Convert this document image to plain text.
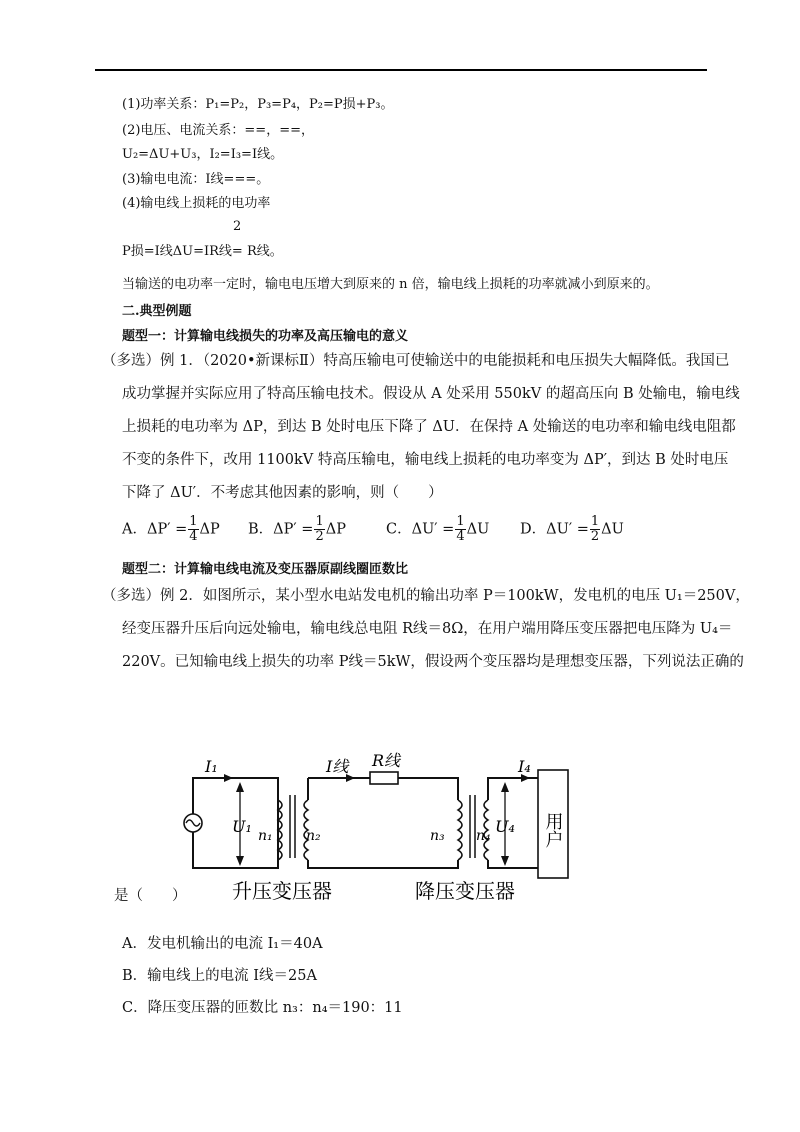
(1)功率关系：P₁=P₂，P₃=P₄，P₂=P损+P₃。
(2)电压、电流关系：==，==，
U₂=ΔU+U₃，I₂=I₃=I线。
(3)输电电流：I线===。
(4)输电线上损耗的电功率
2
P损=I线ΔU=IR线= R线。
当输送的电功率一定时，输电电压增大到原来的 n 倍，输电线上损耗的功率就减小到原来的。
二.典型例题
题型一：计算输电线损失的功率及高压输电的意义
（多选）例 1．（2020•新课标Ⅱ）特高压输电可使输送中的电能损耗和电压损失大幅降低。我国已
成功掌握并实际应用了特高压输电技术。假设从 A 处采用 550kV 的超高压向 B 处输电，输电线
上损耗的电功率为 ΔP，到达 B 处时电压下降了 ΔU．在保持 A 处输送的电功率和输电线电阻都
不变的条件下，改用 1100kV 特高压输电，输电线上损耗的电功率变为 ΔP′，到达 B 处时电压
下降了 ΔU′．不考虑其他因素的影响，则（　　）
A．$\Delta P' = \frac{1}{4}$ ΔP B．$\Delta P' = \frac{1}{2}$ ΔP	C．$\Delta U' = \frac{1}{4}$ ΔU D．$\Delta U' = \frac{1}{2}$ ΔU
题型二：计算输电线电流及变压器原副线圈匝数比
（多选）例 2．如图所示，某小型水电站发电机的输出功率 P＝100kW，发电机的电压 U₁＝250V，
经变压器升压后向远处输电，输电线总电阻 R线＝8Ω，在用户端用降压变压器把电压降为 U₄＝
220V。已知输电线上损失的功率 P线＝5kW，假设两个变压器均是理想变压器，下列说法正确的
I₁
U₁ n₁ n₂
I线 R线
n₃ n₄ U₄
I₄
用户
升压变压器	降压变压器
是（　　）
A．发电机输出的电流 I₁＝40A
B．输电线上的电流 I线＝25A
C．降压变压器的匝数比 n₃：n₄＝190：11
